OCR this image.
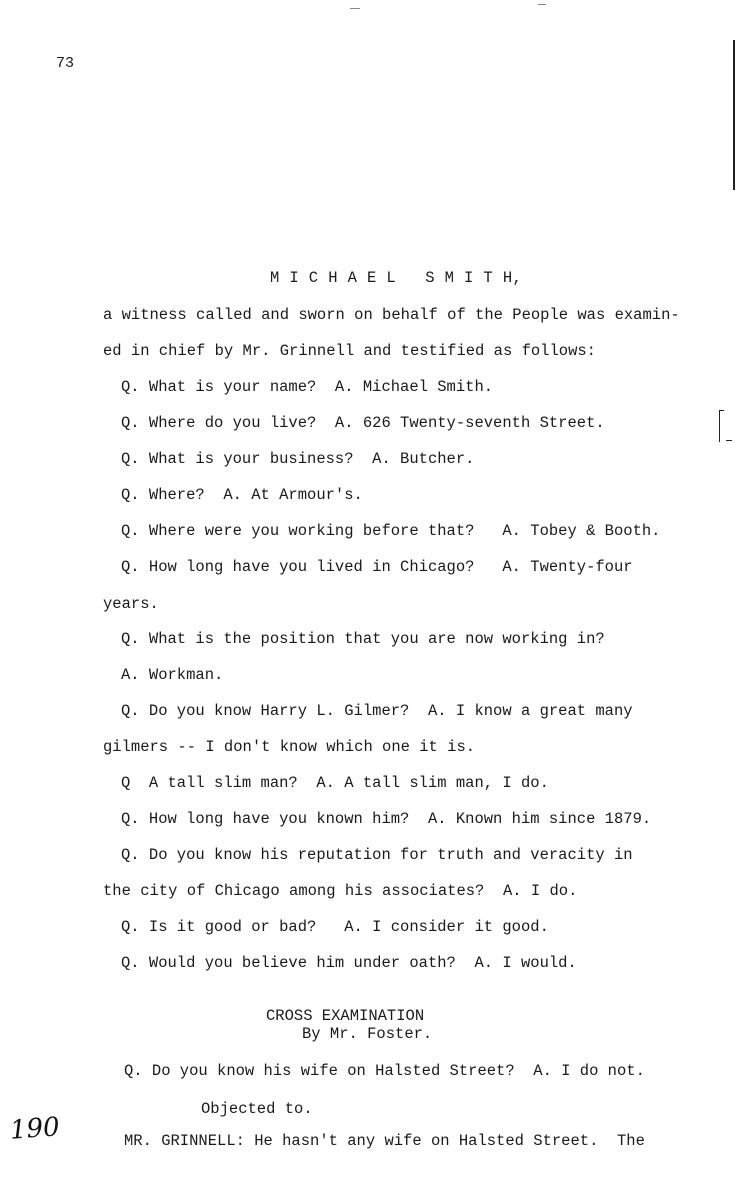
73
M I C H A E L   S M I T H,
a witness called and sworn on behalf of the People was examin-
ed in chief by Mr. Grinnell and testified as follows:
Q. What is your name?  A. Michael Smith.
Q. Where do you live?  A. 626 Twenty-seventh Street.
Q. What is your business?  A. Butcher.
Q. Where?  A. At Armour's.
Q. Where were you working before that?   A. Tobey & Booth.
Q. How long have you lived in Chicago?   A. Twenty-four
years.
Q. What is the position that you are now working in?
A. Workman.
Q. Do you know Harry L. Gilmer?  A. I know a great many
gilmers -- I don't know which one it is.
Q  A tall slim man?  A. A tall slim man, I do.
Q. How long have you known him?  A. Known him since 1879.
Q. Do you know his reputation for truth and veracity in
the city of Chicago among his associates?  A. I do.
Q. Is it good or bad?   A. I consider it good.
Q. Would you believe him under oath?  A. I would.
CROSS EXAMINATION
By Mr. Foster.
Q. Do you know his wife on Halsted Street?  A. I do not.
Objected to.
MR. GRINNELL: He hasn't any wife on Halsted Street.  The
190
